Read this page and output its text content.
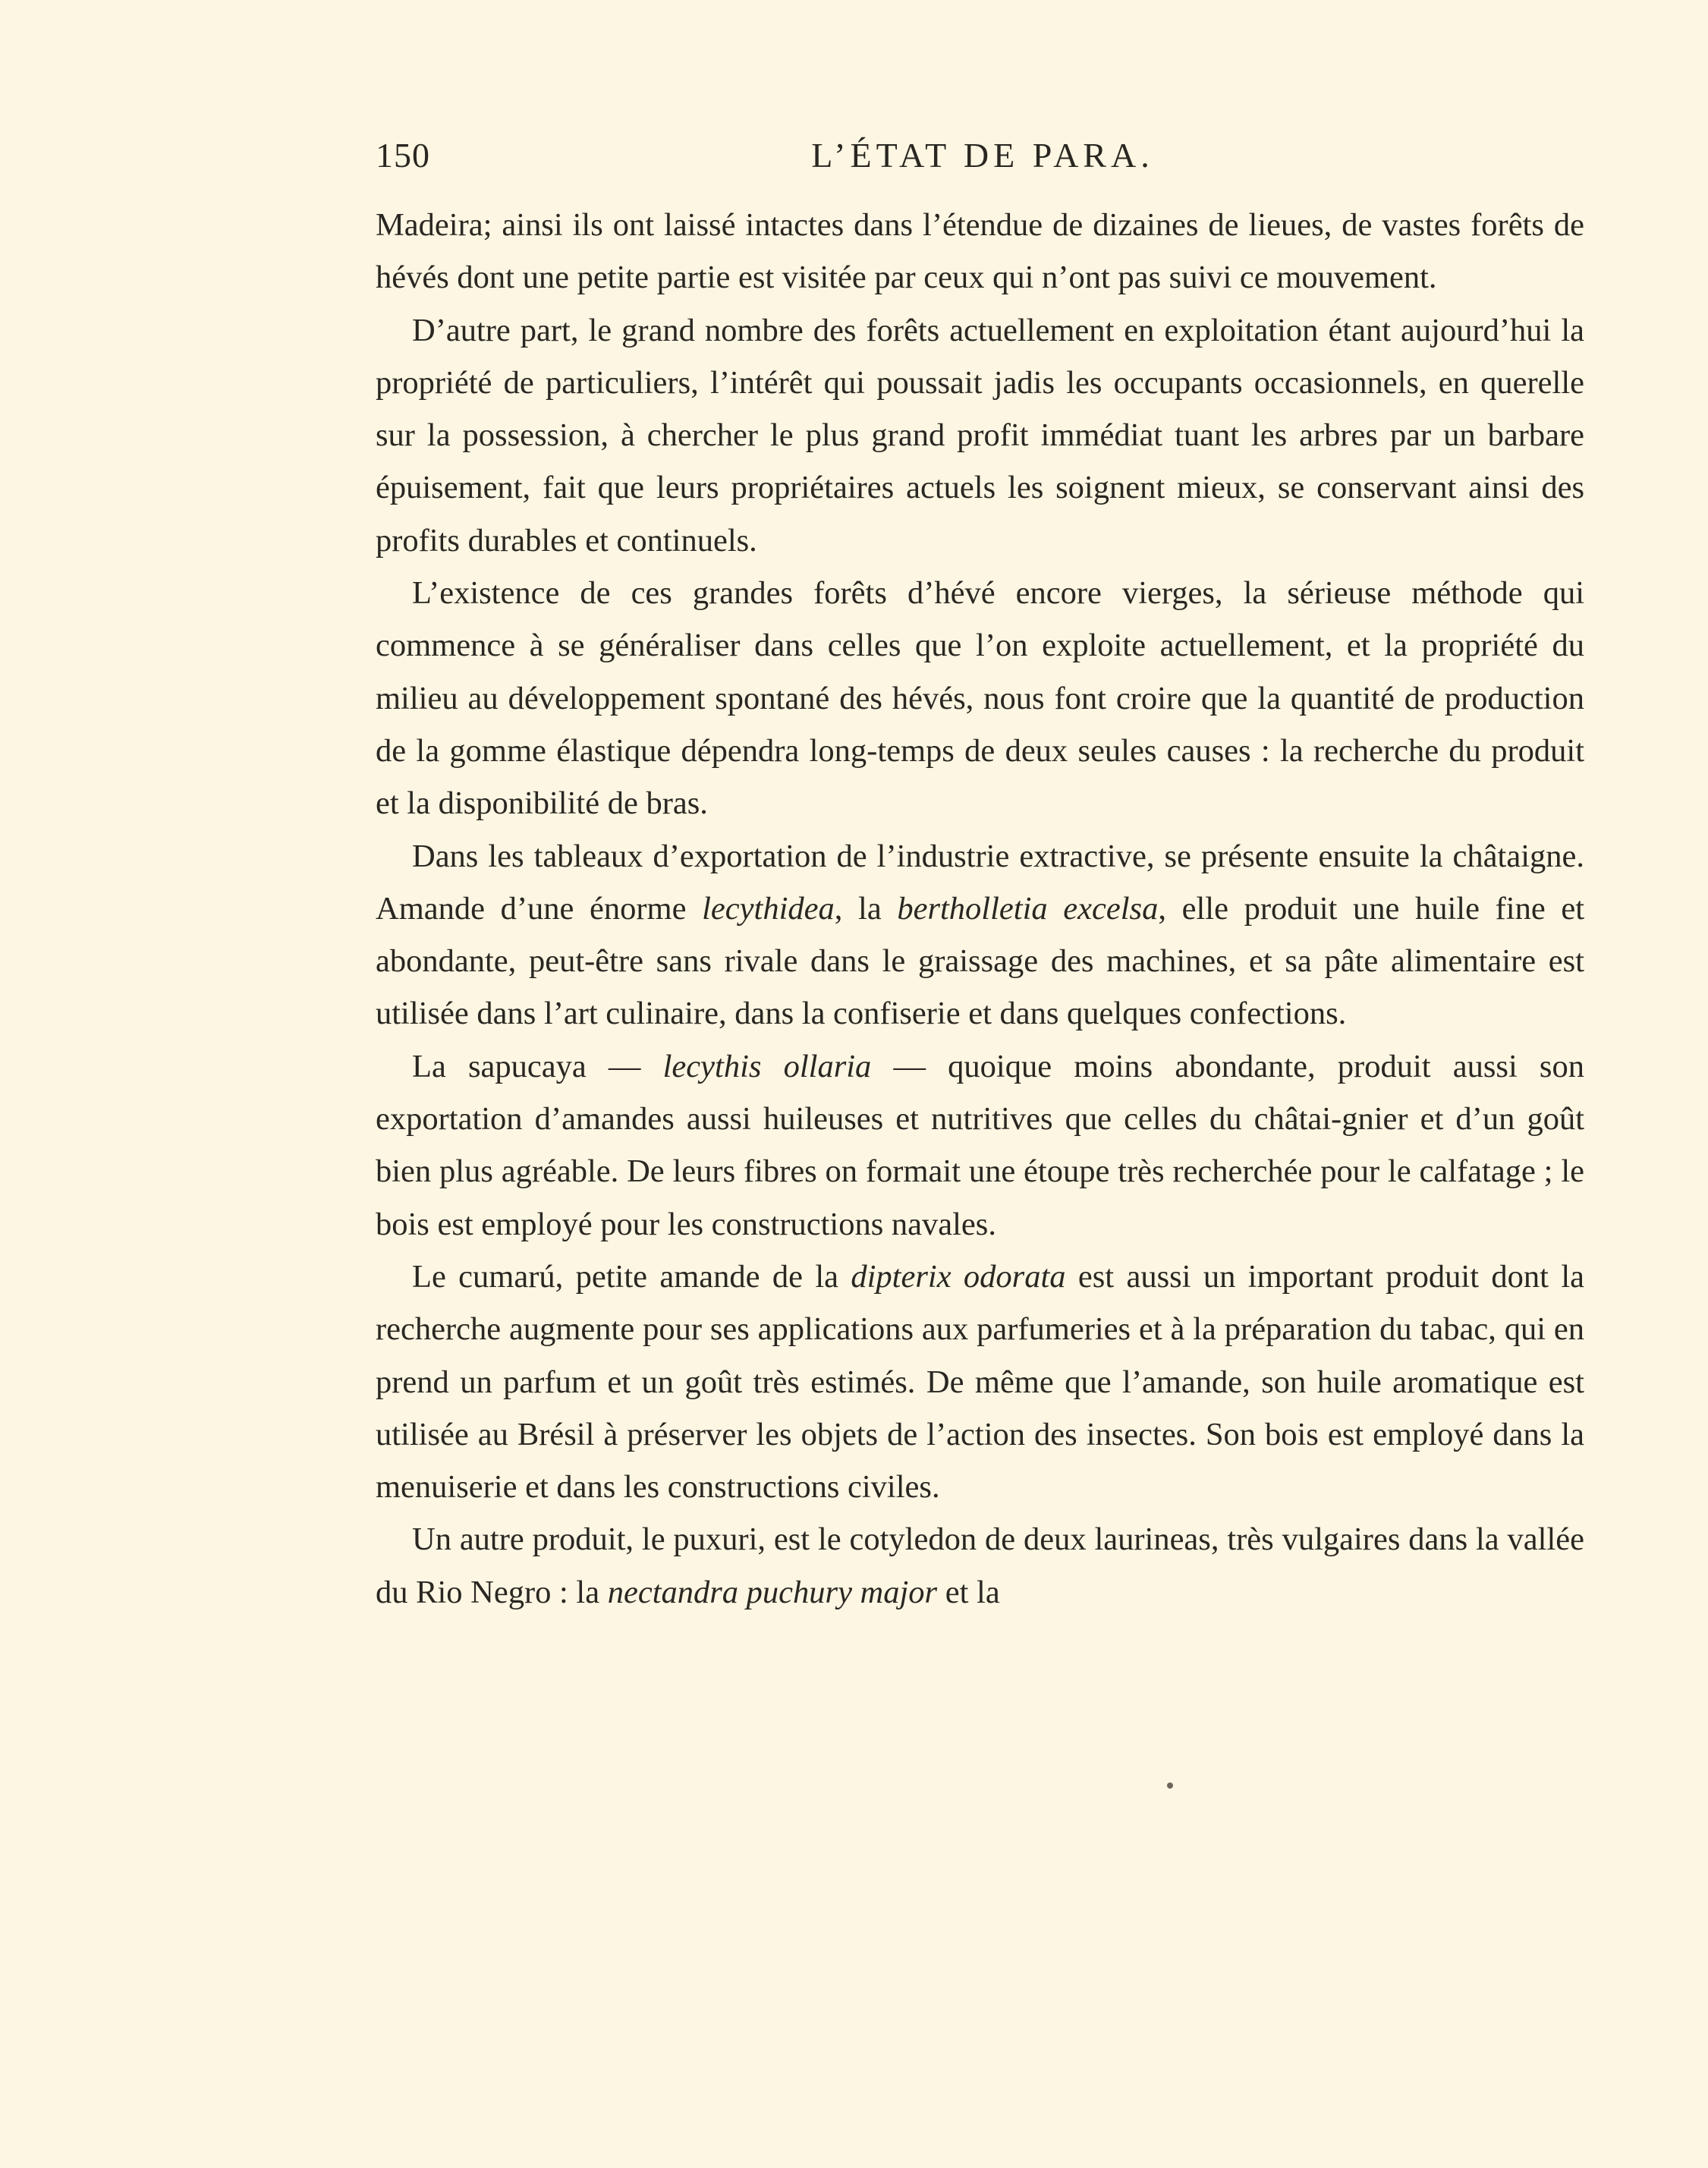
150	L’ÉTAT DE PARA.

Madeira; ainsi ils ont laissé intactes dans l’étendue de dizaines de lieues, de vastes forêts de hévés dont une petite partie est visitée par ceux qui n’ont pas suivi ce mouvement.

D’autre part, le grand nombre des forêts actuellement en exploitation étant aujourd’hui la propriété de particuliers, l’intérêt qui poussait jadis les occupants occasionnels, en querelle sur la possession, à chercher le plus grand profit immédiat tuant les arbres par un barbare épuisement, fait que leurs propriétaires actuels les soignent mieux, se conservant ainsi des profits durables et continuels.

L’existence de ces grandes forêts d’hévé encore vierges, la sérieuse méthode qui commence à se généraliser dans celles que l’on exploite actuellement, et la propriété du milieu au développement spontané des hévés, nous font croire que la quantité de production de la gomme élastique dépendra long-temps de deux seules causes : la recherche du produit et la disponibilité de bras.

Dans les tableaux d’exportation de l’industrie extractive, se présente ensuite la châtaigne. Amande d’une énorme lecythidea, la bertholletia excelsa, elle produit une huile fine et abondante, peut-être sans rivale dans le graissage des machines, et sa pâte alimentaire est utilisée dans l’art culinaire, dans la confiserie et dans quelques confections.

La sapucaya — lecythis ollaria — quoique moins abondante, produit aussi son exportation d’amandes aussi huileuses et nutritives que celles du châtai-gnier et d’un goût bien plus agréable. De leurs fibres on formait une étoupe très recherchée pour le calfatage ; le bois est employé pour les constructions navales.

Le cumarú, petite amande de la dipterix odorata est aussi un important produit dont la recherche augmente pour ses applications aux parfumeries et à la préparation du tabac, qui en prend un parfum et un goût très estimés. De même que l’amande, son huile aromatique est utilisée au Brésil à préserver les objets de l’action des insectes. Son bois est employé dans la menuiserie et dans les constructions civiles.

Un autre produit, le puxuri, est le cotyledon de deux laurineas, très vulgaires dans la vallée du Rio Negro : la nectandra puchury major et la
